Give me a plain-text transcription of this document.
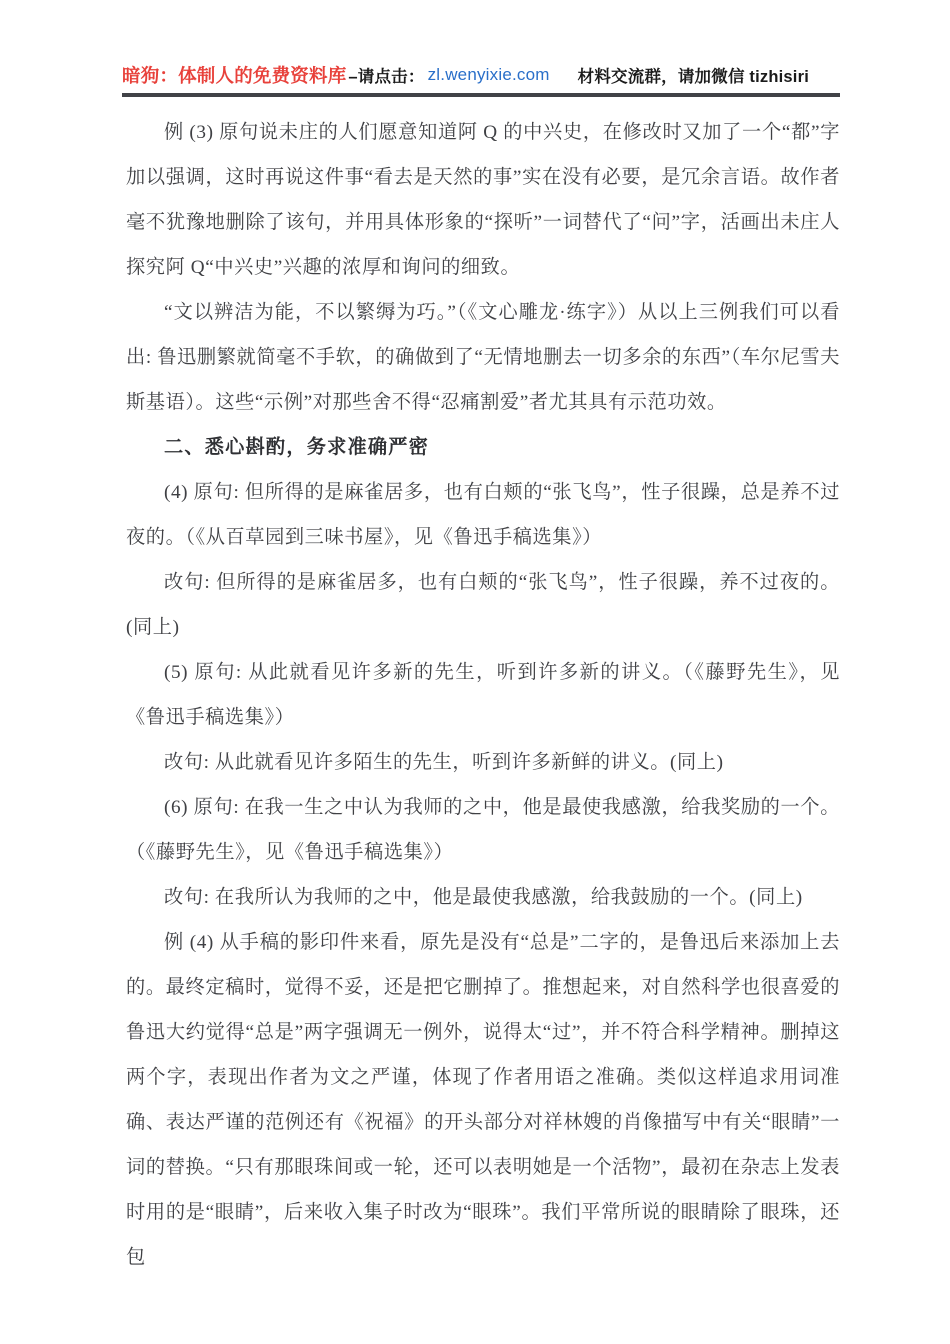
暗狗：体制人的免费资料库 –请点击： zl.wenyixie.com 材料交流群，请加微信 tizhisiri

例 (3) 原句说未庄的人们愿意知道阿 Q 的中兴史，在修改时又加了一个“都”字加以强调，这时再说这件事“看去是天然的事”实在没有必要，是冗余言语。故作者毫不犹豫地删除了该句，并用具体形象的“探听”一词替代了“问”字，活画出未庄人探究阿 Q“中兴史”兴趣的浓厚和询问的细致。

“文以辨洁为能，不以繁缛为巧。”（《文心雕龙·练字》）从以上三例我们可以看出: 鲁迅删繁就简毫不手软，的确做到了“无情地删去一切多余的东西”（车尔尼雪夫斯基语）。这些“示例”对那些舍不得“忍痛割爱”者尤其具有示范功效。

二、悉心斟酌，务求准确严密

(4) 原句: 但所得的是麻雀居多，也有白颊的“张飞鸟”，性子很躁，总是养不过夜的。（《从百草园到三味书屋》，见《鲁迅手稿选集》）

改句: 但所得的是麻雀居多，也有白颊的“张飞鸟”，性子很躁，养不过夜的。(同上)

(5) 原句: 从此就看见许多新的先生，听到许多新的讲义。（《藤野先生》，见《鲁迅手稿选集》）

改句: 从此就看见许多陌生的先生，听到许多新鲜的讲义。(同上)

(6) 原句: 在我一生之中认为我师的之中，他是最使我感激，给我奖励的一个。（《藤野先生》，见《鲁迅手稿选集》）

改句: 在我所认为我师的之中，他是最使我感激，给我鼓励的一个。(同上)

例 (4) 从手稿的影印件来看，原先是没有“总是”二字的，是鲁迅后来添加上去的。最终定稿时，觉得不妥，还是把它删掉了。推想起来，对自然科学也很喜爱的鲁迅大约觉得“总是”两字强调无一例外，说得太“过”，并不符合科学精神。删掉这两个字，表现出作者为文之严谨，体现了作者用语之准确。类似这样追求用词准确、表达严谨的范例还有《祝福》的开头部分对祥林嫂的肖像描写中有关“眼睛”一词的替换。“只有那眼珠间或一轮，还可以表明她是一个活物”，最初在杂志上发表时用的是“眼睛”，后来收入集子时改为“眼珠”。我们平常所说的眼睛除了眼珠，还包
